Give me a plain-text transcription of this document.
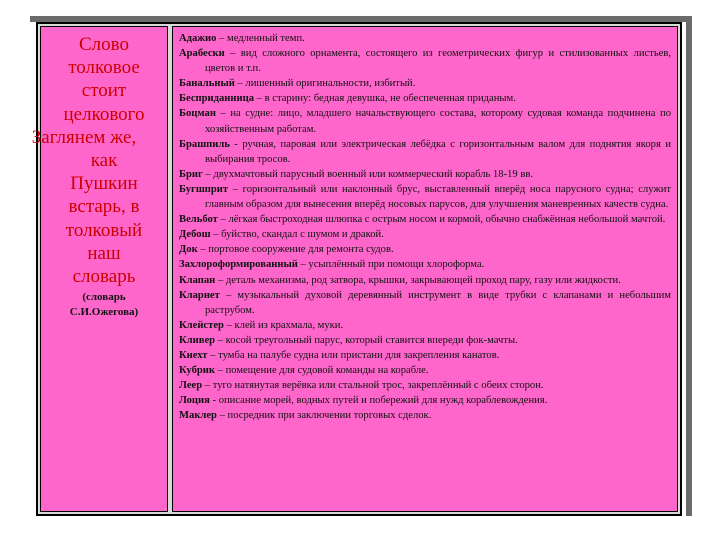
Слово
толковое
стоит
целкового
Заглянем же,
как
Пушкин
встарь, в
толковый
наш
словарь
(словарь
С.И.Ожегова)

Адажио – медленный темп.

Арабески – вид сложного орнамента, состоящего из геометрических фигур и стилизованных листьев, цветов и т.п.

Банальный – лишенный оригинальности, избитый.

Бесприданница – в старину: бедная девушка, не обеспеченная приданым.

Боцман – на судне: лицо, младшего начальствующего состава, которому судовая команда подчинена по хозяйственным работам.

Брашпиль - ручная, паровая или электрическая лебёдка с горизонтальным валом для поднятия якоря и выбирания тросов.

Бриг – двухмачтовый парусный военный или коммерческий корабль 18-19 вв.

Бугшприт – горизонтальный или наклонный брус, выставленный вперёд носа парусного судна; служит главным образом для вынесения вперёд носовых парусов, для улучшения маневренных качеств судна.

Вельбот – лёгкая быстроходная шлюпка с острым носом и кормой, обычно снабжённая небольшой мачтой.

Дебош – буйство, скандал с шумом и дракой.

Док – портовое сооружение для ремонта судов.

Захлороформированный – усыплённый при помощи хлороформа.

Клапан – деталь механизма, род затвора, крышки, закрывающей проход пару, газу или жидкости.

Кларнет – музыкальный духовой деревянный инструмент в виде трубки с клапанами и небольшим раструбом.

Клейстер – клей из крахмала, муки.

Кливер – косой треугольный парус, который ставится впереди фок-мачты.

Кнехт – тумба на палубе судна или пристани для закрепления канатов.

Кубрик – помещение для судовой команды на корабле.

Леер – туго натянутая верёвка или стальной трос, закреплённый с обеих сторон.

Лоция - описание морей, водных путей и побережий для нужд кораблевождения.

Маклер – посредник при заключении торговых сделок.
